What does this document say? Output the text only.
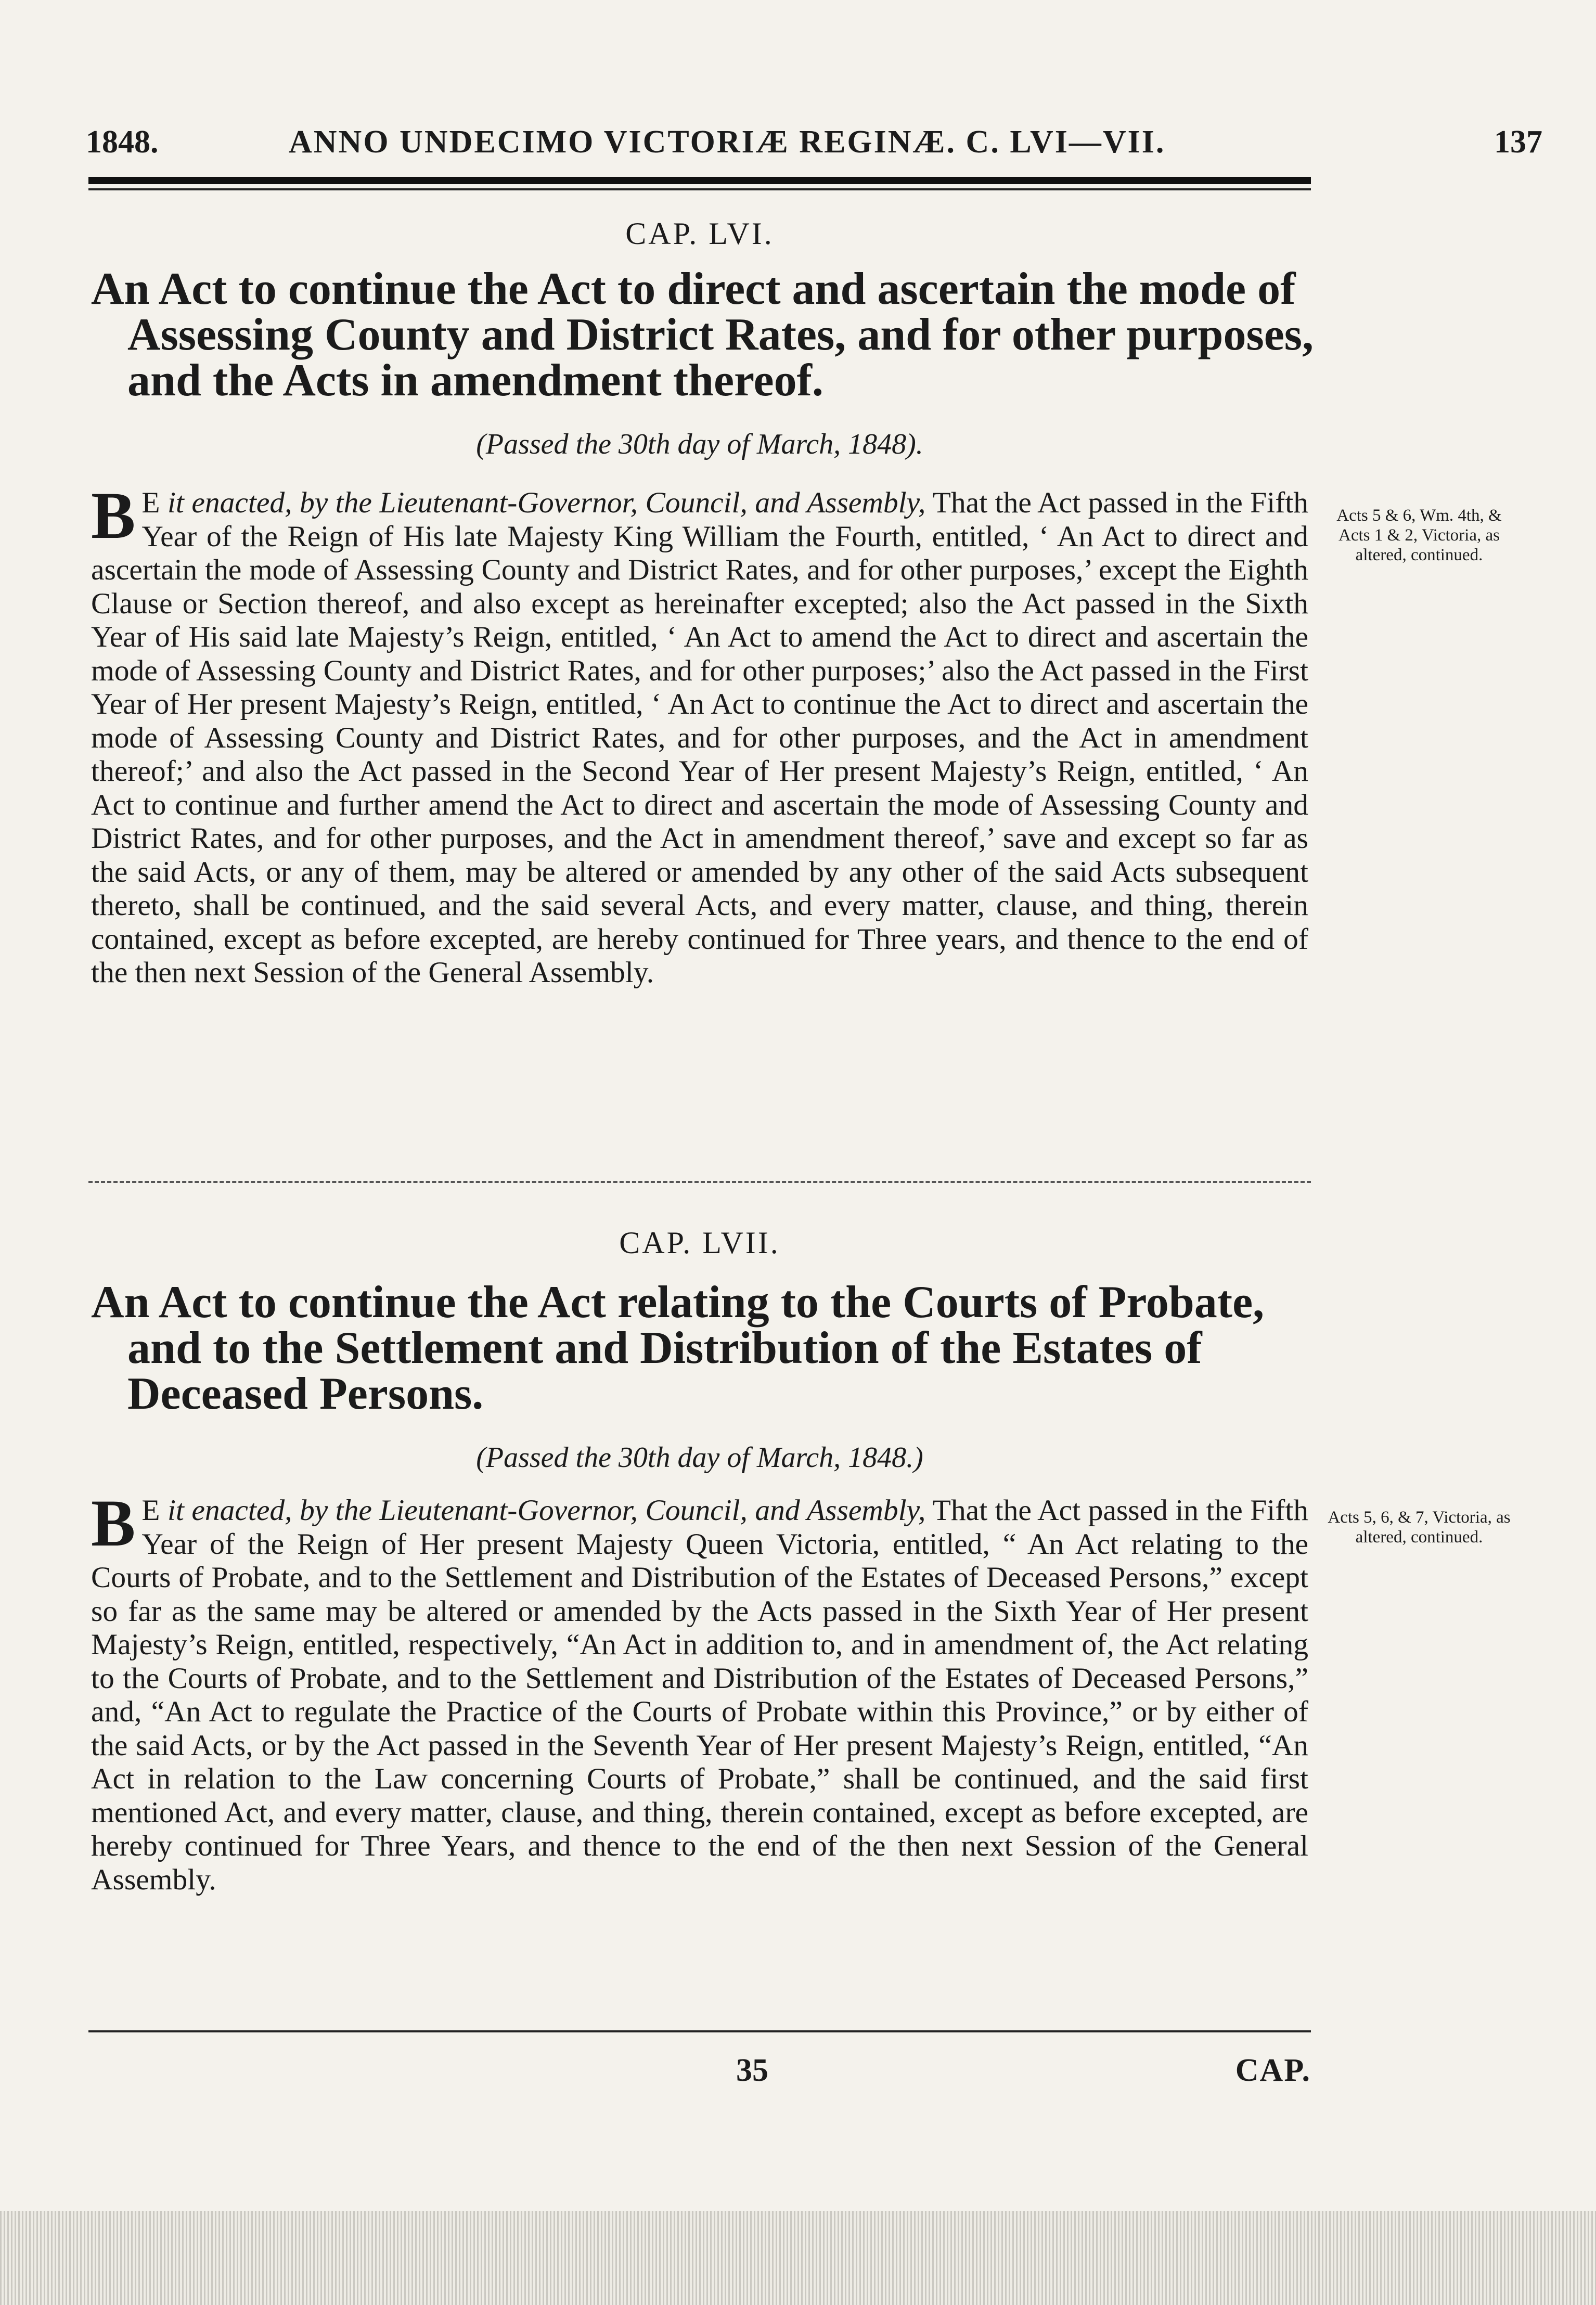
1848.	ANNO UNDECIMO VICTORIÆ REGINÆ. C. LVI—VII.	137
CAP. LVI.

An Act to continue the Act to direct and ascertain the mode of Assessing County and District Rates, and for other purposes, and the Acts in amendment thereof.

(Passed the 30th day of March, 1848).

B E it enacted, by the Lieutenant-Governor, Council, and Assembly, That the Act passed in the Fifth Year of the Reign of His late Majesty King William the Fourth, entitled, ‘ An Act to direct and ascertain the mode of Assessing County and District Rates, and for other purposes,’ except the Eighth Clause or Section thereof, and also except as hereinafter excepted; also the Act passed in the Sixth Year of His said late Majesty’s Reign, entitled, ‘ An Act to amend the Act to direct and ascertain the mode of Assessing County and District Rates, and for other purposes;’ also the Act passed in the First Year of Her present Majesty’s Reign, entitled, ‘ An Act to continue the Act to direct and ascertain the mode of Assessing County and District Rates, and for other purposes, and the Act in amendment thereof;’ and also the Act passed in the Second Year of Her present Majesty’s Reign, entitled, ‘ An Act to continue and further amend the Act to direct and ascertain the mode of Assessing County and District Rates, and for other purposes, and the Act in amendment thereof,’ save and except so far as the said Acts, or any of them, may be altered or amended by any other of the said Acts subsequent thereto, shall be continued, and the said several Acts, and every matter, clause, and thing, therein contained, except as before excepted, are hereby continued for Three years, and thence to the end of the then next Session of the General Assembly.

Acts 5 & 6, Wm. 4th, & Acts 1 & 2, Victoria, as altered, continued.
CAP. LVII.

An Act to continue the Act relating to the Courts of Probate, and to the Settlement and Distribution of the Estates of Deceased Persons.

(Passed the 30th day of March, 1848.)

B E it enacted, by the Lieutenant-Governor, Council, and Assembly, That the Act passed in the Fifth Year of the Reign of Her present Majesty Queen Victoria, entitled, “ An Act relating to the Courts of Probate, and to the Settlement and Distribution of the Estates of Deceased Persons,” except so far as the same may be altered or amended by the Acts passed in the Sixth Year of Her present Majesty’s Reign, entitled, respectively, “An Act in addition to, and in amendment of, the Act relating to the Courts of Probate, and to the Settlement and Distribution of the Estates of Deceased Persons,” and, “An Act to regulate the Practice of the Courts of Probate within this Province,” or by either of the said Acts, or by the Act passed in the Seventh Year of Her present Majesty’s Reign, entitled, “An Act in relation to the Law concerning Courts of Probate,” shall be continued, and the said first mentioned Act, and every matter, clause, and thing, therein contained, except as before excepted, are hereby continued for Three Years, and thence to the end of the then next Session of the General Assembly.

Acts 5, 6, & 7, Victoria, as altered, continued.
35	CAP.
